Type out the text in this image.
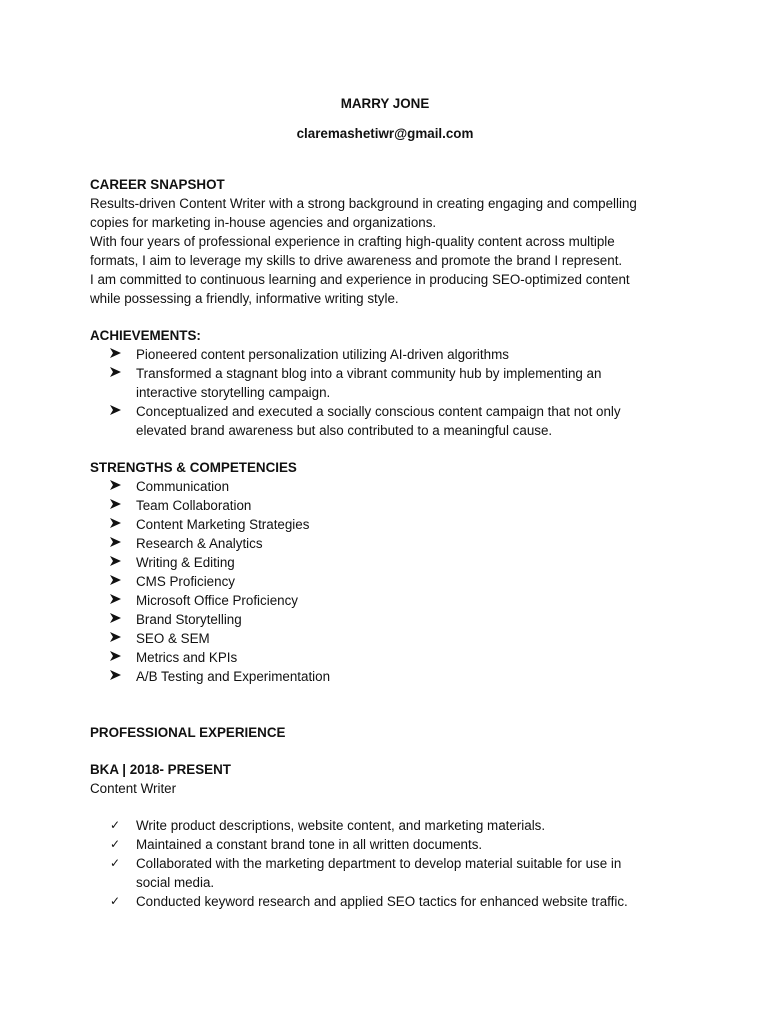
MARRY JONE
claremashetiwr@gmail.com
CAREER SNAPSHOT
Results-driven Content Writer with a strong background in creating engaging and compelling
copies for marketing in-house agencies and organizations.
With four years of professional experience in crafting high-quality content across multiple
formats, I aim to leverage my skills to drive awareness and promote the brand I represent.
I am committed to continuous learning and experience in producing SEO-optimized content
while possessing a friendly, informative writing style.
ACHIEVEMENTS:
Pioneered content personalization utilizing AI-driven algorithms
Transformed a stagnant blog into a vibrant community hub by implementing an
interactive storytelling campaign.
Conceptualized and executed a socially conscious content campaign that not only
elevated brand awareness but also contributed to a meaningful cause.
STRENGTHS & COMPETENCIES
Communication
Team Collaboration
Content Marketing Strategies
Research & Analytics
Writing & Editing
CMS Proficiency
Microsoft Office Proficiency
Brand Storytelling
SEO & SEM
Metrics and KPIs
A/B Testing and Experimentation
PROFESSIONAL EXPERIENCE
BKA | 2018- PRESENT
Content Writer
✓	Write product descriptions, website content, and marketing materials.
✓	Maintained a constant brand tone in all written documents.
✓	Collaborated with the marketing department to develop material suitable for use in
social media.
✓	Conducted keyword research and applied SEO tactics for enhanced website traffic.
